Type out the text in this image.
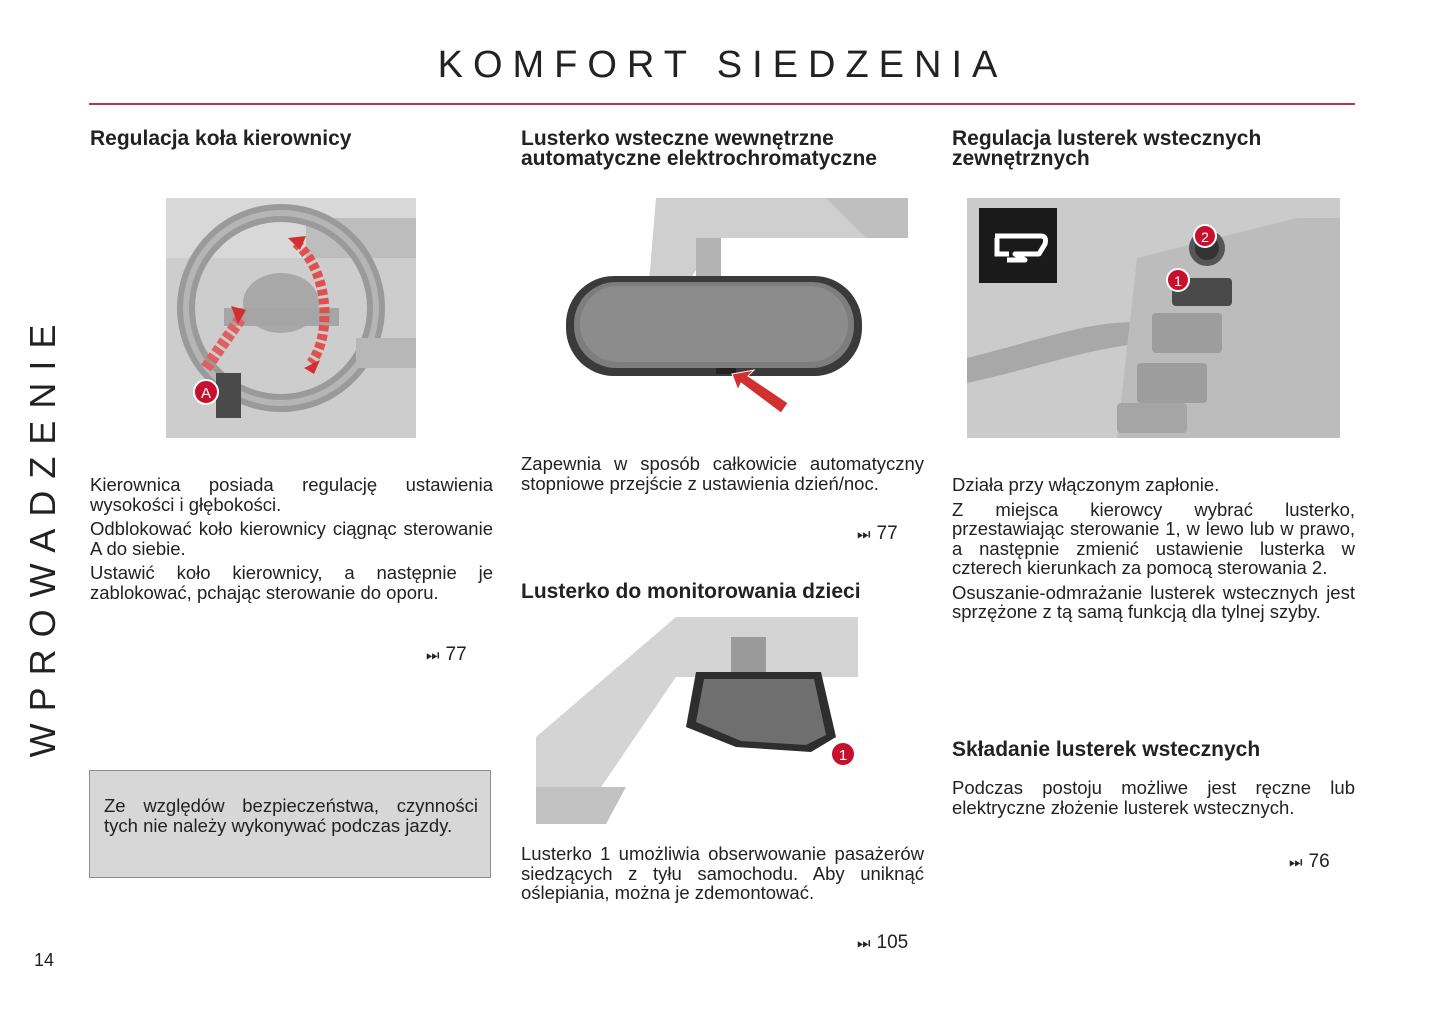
KOMFORT SIEDZENIA
WPROWADZENIE
14
Regulacja koła kierownicy
A

Kierownica posiada regulację ustawienia wysokości i głębokości.

Odblokować koło kierownicy ciągnąc sterowanie A do siebie.

Ustawić koło kierownicy, a następnie je zablokować, pchając sterowanie do oporu.

⏭ 77
Ze względów bezpieczeństwa, czynności tych nie należy wykonywać podczas jazdy.
Lusterko wsteczne wewnętrzne automatyczne elektrochromatyczne
Zapewnia w sposób całkowicie automatyczny stopniowe przejście z ustawienia dzień/noc.
⏭ 77
Lusterko do monitorowania dzieci
1
Lusterko 1 umożliwia obserwowanie pasażerów siedzących z tyłu samochodu. Aby uniknąć oślepiania, można je zdemontować.
⏭ 105
Regulacja lusterek wstecznych zewnętrznych
2
1

Działa przy włączonym zapłonie.

Z miejsca kierowcy wybrać lusterko, przestawiając sterowanie 1, w lewo lub w prawo, a następnie zmienić ustawienie lusterka w czterech kierunkach za pomocą sterowania 2.

Osuszanie-odmrażanie lusterek wstecznych jest sprzężone z tą samą funkcją dla tylnej szyby.

Składanie lusterek wstecznych
Podczas postoju możliwe jest ręczne lub elektryczne złożenie lusterek wstecznych.
⏭ 76
